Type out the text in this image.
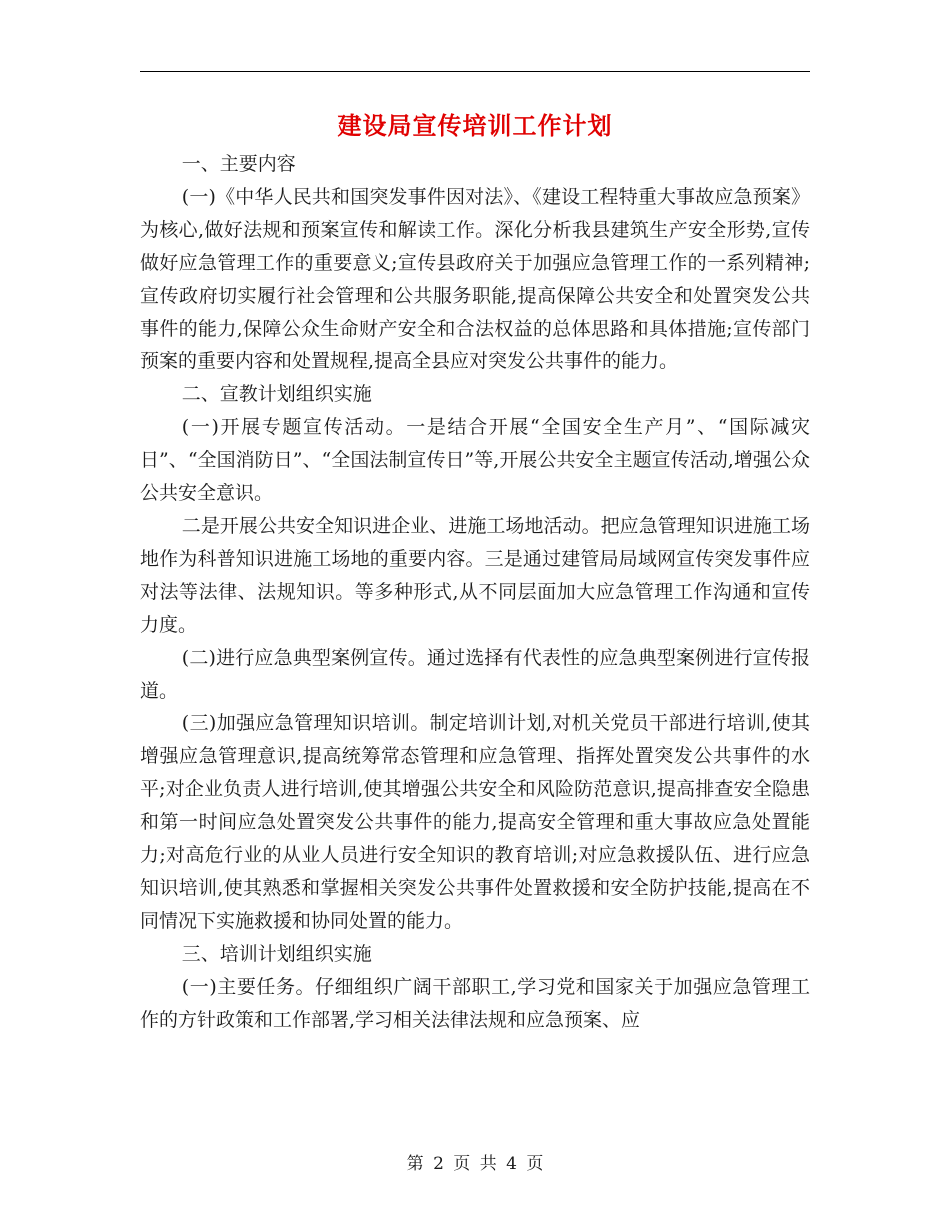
建设局宣传培训工作计划

一、主要内容

(一)《中华人民共和国突发事件因对法》、《建设工程特重大事故应急预案》为核心,做好法规和预案宣传和解读工作。深化分析我县建筑生产安全形势,宣传做好应急管理工作的重要意义;宣传县政府关于加强应急管理工作的一系列精神;宣传政府切实履行社会管理和公共服务职能,提高保障公共安全和处置突发公共事件的能力,保障公众生命财产安全和合法权益的总体思路和具体措施;宣传部门预案的重要内容和处置规程,提高全县应对突发公共事件的能力。

二、宣教计划组织实施

(一)开展专题宣传活动。一是结合开展“全国安全生产月”、“国际减灾日”、“全国消防日”、“全国法制宣传日”等,开展公共安全主题宣传活动,增强公众公共安全意识。

二是开展公共安全知识进企业、进施工场地活动。把应急管理知识进施工场地作为科普知识进施工场地的重要内容。三是通过建管局局域网宣传突发事件应对法等法律、法规知识。等多种形式,从不同层面加大应急管理工作沟通和宣传力度。

(二)进行应急典型案例宣传。通过选择有代表性的应急典型案例进行宣传报道。

(三)加强应急管理知识培训。制定培训计划,对机关党员干部进行培训,使其增强应急管理意识,提高统筹常态管理和应急管理、指挥处置突发公共事件的水平;对企业负责人进行培训,使其增强公共安全和风险防范意识,提高排查安全隐患和第一时间应急处置突发公共事件的能力,提高安全管理和重大事故应急处置能力;对高危行业的从业人员进行安全知识的教育培训;对应急救援队伍、进行应急知识培训,使其熟悉和掌握相关突发公共事件处置救援和安全防护技能,提高在不同情况下实施救援和协同处置的能力。

三、培训计划组织实施

(一)主要任务。仔细组织广阔干部职工,学习党和国家关于加强应急管理工作的方针政策和工作部署,学习相关法律法规和应急预案、应

第 2 页 共 4 页
